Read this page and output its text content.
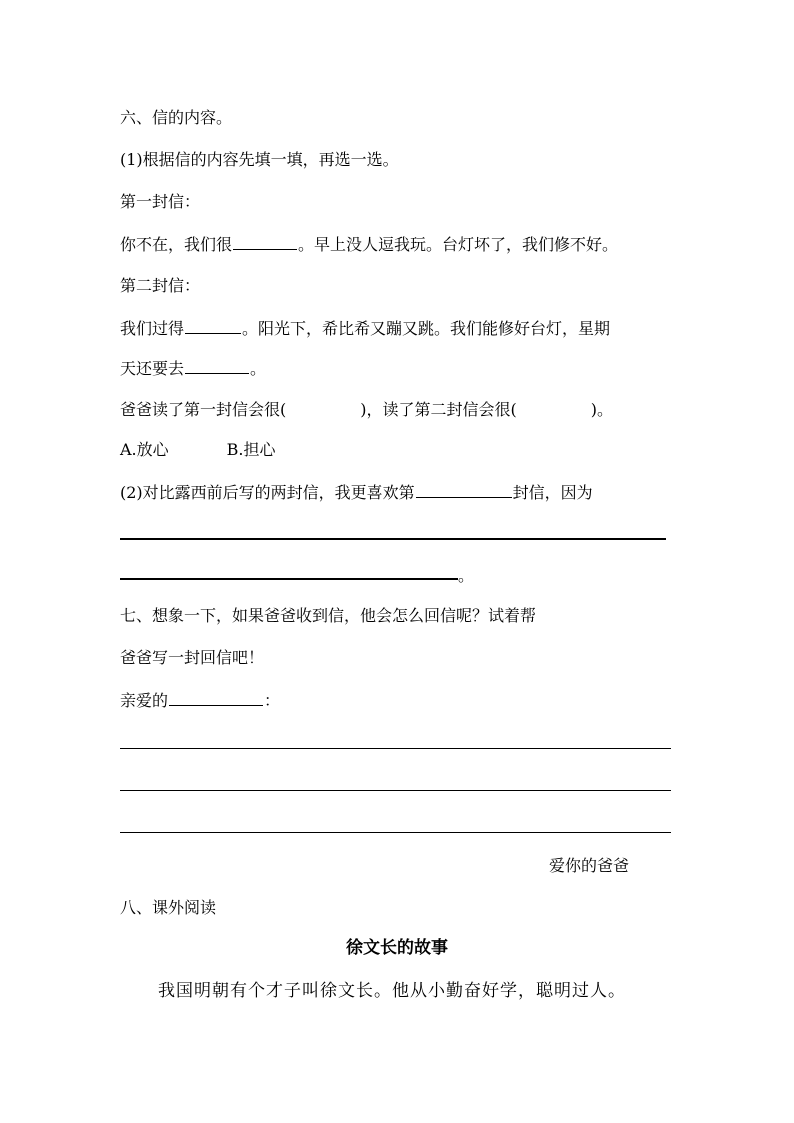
六、信的内容。
(1)根据信的内容先填一填，再选一选。
第一封信：
你不在，我们很	。早上没人逗我玩。台灯坏了，我们修不好。
第二封信：
我们过得	。阳光下，希比希又蹦又跳。我们能修好台灯，星期
天还要去	。
爸爸读了第一封信会很(	)，读了第二封信会很(	)。
A.放心	B.担心
(2)对比露西前后写的两封信，我更喜欢第	封信，因为
。
七、想象一下，如果爸爸收到信，他会怎么回信呢？试着帮
爸爸写一封回信吧！
亲爱的	：
爱你的爸爸
八、课外阅读
徐文长的故事
我国明朝有个才子叫徐文长。他从小勤奋好学，聪明过人。
